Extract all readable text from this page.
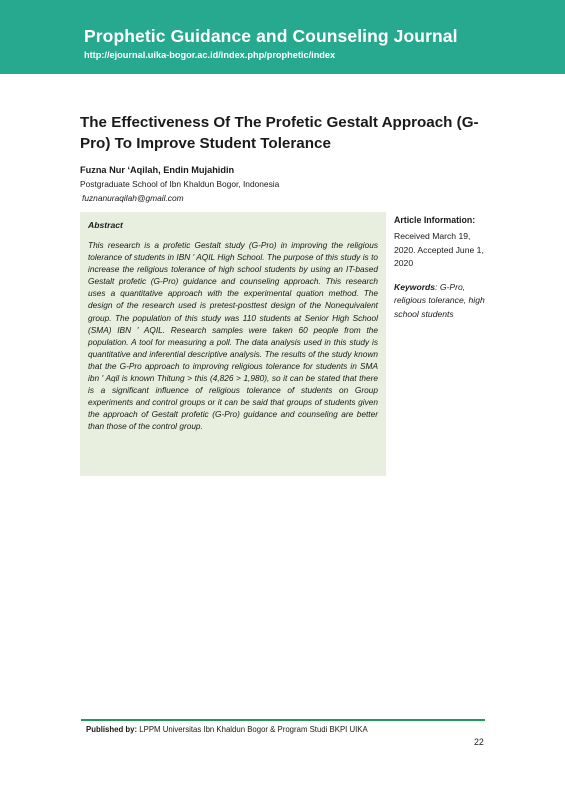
Prophetic Guidance and Counseling Journal
http://ejournal.uika-bogor.ac.id/index.php/prophetic/index
The Effectiveness Of The Profetic Gestalt Approach (G-Pro) To Improve Student Tolerance
Fuzna Nur ‘Aqilah, Endin Mujahidin
Postgraduate School of Ibn Khaldun Bogor, Indonesia
fuznanuraqilah@gmail.com
Abstract
This research is a profetic Gestalt study (G-Pro) in improving the religious tolerance of students in IBN ' AQIL High School. The purpose of this study is to increase the religious tolerance of high school students by using an IT-based Gestalt profetic (G-Pro) guidance and counseling approach. This research uses a quantitative approach with the experimental quation method. The design of the research used is pretest-posttest design of the Nonequivalent group. The population of this study was 110 students at Senior High School (SMA) IBN ' AQIL. Research samples were taken 60 people from the population. A tool for measuring a poll. The data analysis used in this study is quantitative and inferential descriptive analysis. The results of the study known that the G-Pro approach to improving religious tolerance for students in SMA ibn ' Aqil is known Thitung > this (4,826 > 1,980), so it can be stated that there is a significant influence of religious tolerance of students on Group experiments and control groups or it can be said that groups of students given the approach of Gestalt profetic (G-Pro) guidance and counseling are better than those of the control group.
Article Information:
Received March 19, 2020. Accepted June 1, 2020
Keywords: G-Pro, religious tolerance, high school students
Published by: LPPM Universitas Ibn Khaldun Bogor & Program Studi BKPI UIKA
22
